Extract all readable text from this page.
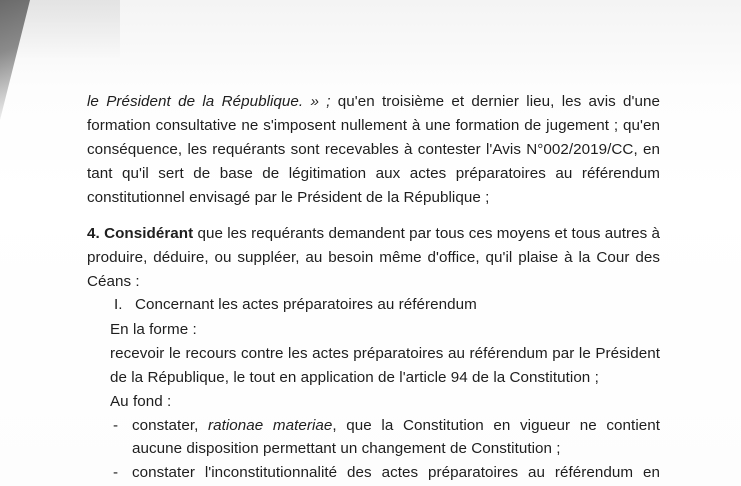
le Président de la République. » ; qu'en troisième et dernier lieu, les avis d'une
formation consultative ne s'imposent nullement à une formation de jugement ; qu'en
conséquence, les requérants sont recevables à contester l'Avis N°002/2019/CC, en
tant qu'il sert de base de légitimation aux actes préparatoires au référendum
constitutionnel envisagé par le Président de la République ;
4. Considérant que les requérants demandent par tous ces moyens et tous autres à
produire, déduire, ou suppléer, au besoin même d'office, qu'il plaise à la Cour des
Céans :
I. Concernant les actes préparatoires au référendum
En la forme :
recevoir le recours contre les actes préparatoires au référendum par le Président
de la République, le tout en application de l'article 94 de la Constitution ;
Au fond :
- constater, rationae materiae, que la Constitution en vigueur ne contient
aucune disposition permettant un changement de Constitution ;
- constater l'inconstitutionnalité des actes préparatoires au référendum en
